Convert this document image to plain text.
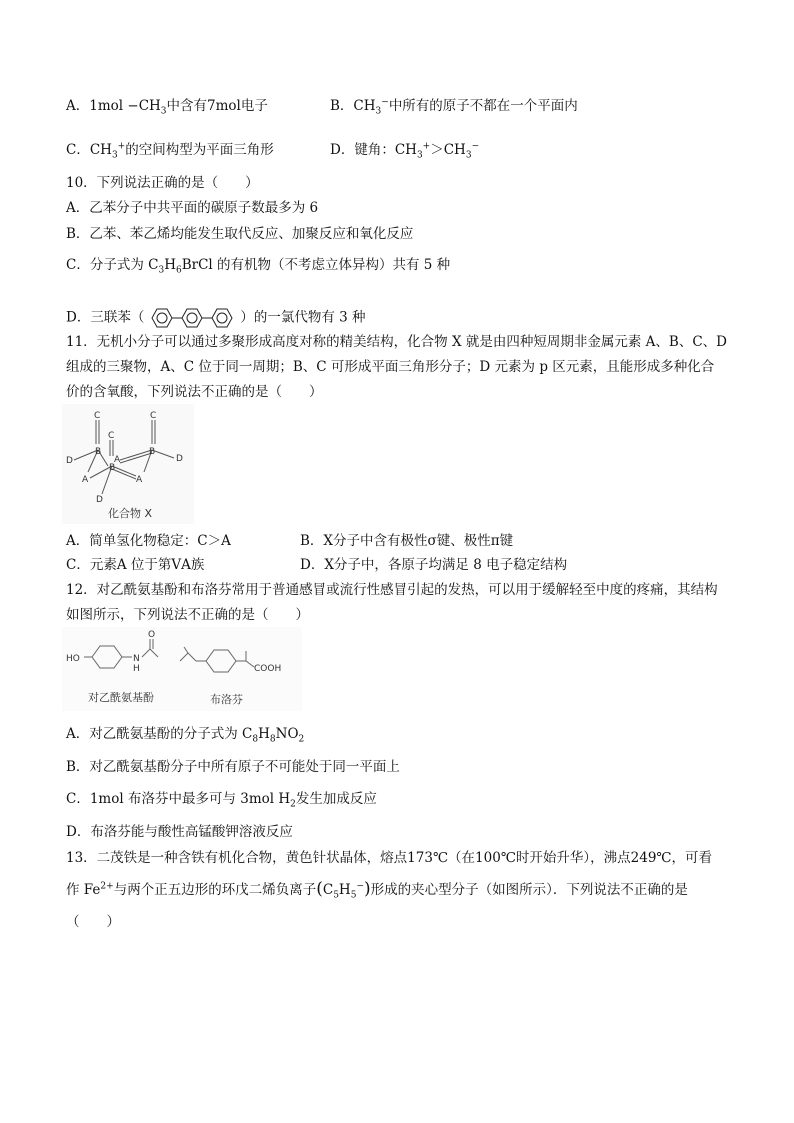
A．$1mol -CH_3$中含有7mol电子	B．$CH_3^-$中所有的原子不都在一个平面内
C．$CH_3^+$的空间构型为平面三角形	D．键角：$CH_3^+>CH_3^-$
10．下列说法正确的是（　　）
A．乙苯分子中共平面的碳原子数最多为 6
B．乙苯、苯乙烯均能发生取代反应、加聚反应和氧化反应
C．分子式为 $C_3H_6BrCl$ 的有机物（不考虑立体异构）共有 5 种
D．三联苯（	）的一氯代物有 3 种
11．无机小分子可以通过多聚形成高度对称的精美结构，化合物 X 就是由四种短周期非金属元素 A、B、C、D
组成的三聚物，A、C 位于同一周期；B、C 可形成平面三角形分子；D 元素为 p 区元素，且能形成多种化合
价的含氧酸，下列说法不正确的是（　　）
C	C
C
B	B
B
D	D
D
A
A	A
化合物 X
A．简单氢化物稳定：C＞A	B．X分子中含有极性σ键、极性π键
C．元素A 位于第ⅤA族	D．X分子中，各原子均满足 8 电子稳定结构
12．对乙酰氨基酚和布洛芬常用于普通感冒或流行性感冒引起的发热，可以用于缓解轻至中度的疼痛，其结构
如图所示，下列说法不正确的是（　　）
HO	N
H
O
COOH
对乙酰氨基酚	布洛芬
A．对乙酰氨基酚的分子式为 $C_8H_8NO_2$
B．对乙酰氨基酚分子中所有原子不可能处于同一平面上
C．1mol 布洛芬中最多可与 3mol $H_2$发生加成反应
D．布洛芬能与酸性高锰酸钾溶液反应
13．二茂铁是一种含铁有机化合物，黄色针状晶体，熔点173℃（在100℃时开始升华），沸点249℃，可看
作 $Fe^{2+}$与两个正五边形的环戊二烯负离子$(C_5H_5^-)$形成的夹心型分子（如图所示）．下列说法不正确的是
（　　）
